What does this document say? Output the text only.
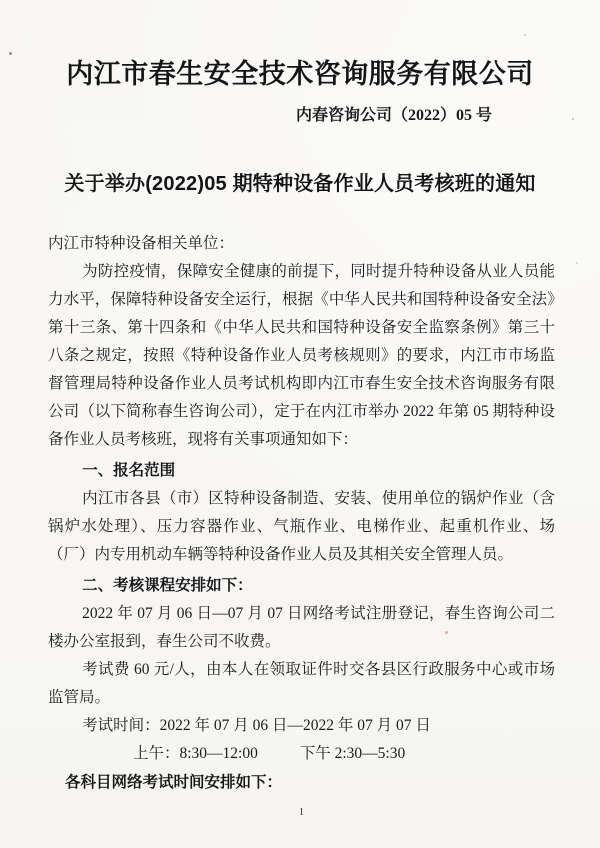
内江市春生安全技术咨询服务有限公司
内春咨询公司（2022）05 号
关于举办(2022)05 期特种设备作业人员考核班的通知

内江市特种设备相关单位：

为防控疫情，保障安全健康的前提下，同时提升特种设备从业人员能力水平，保障特种设备安全运行，根据《中华人民共和国特种设备安全法》第十三条、第十四条和《中华人民共和国特种设备安全监察条例》第三十八条之规定，按照《特种设备作业人员考核规则》的要求，内江市市场监督管理局特种设备作业人员考试机构即内江市春生安全技术咨询服务有限公司（以下简称春生咨询公司），定于在内江市举办 2022 年第 05 期特种设备作业人员考核班，现将有关事项通知如下：

一、报名范围

内江市各县（市）区特种设备制造、安装、使用单位的锅炉作业（含锅炉水处理）、压力容器作业、气瓶作业、电梯作业、起重机作业、场（厂）内专用机动车辆等特种设备作业人员及其相关安全管理人员。

二、考核课程安排如下：

2022 年 07 月 06 日—07 月 07 日网络考试注册登记，春生咨询公司二楼办公室报到，春生公司不收费。

考试费 60 元/人，由本人在领取证件时交各县区行政服务中心或市场监管局。

考试时间：2022 年 07 月 06 日—2022 年 07 月 07 日

上午：8:30—12:00	下午 2:30—5:30

各科目网络考试时间安排如下：

1
